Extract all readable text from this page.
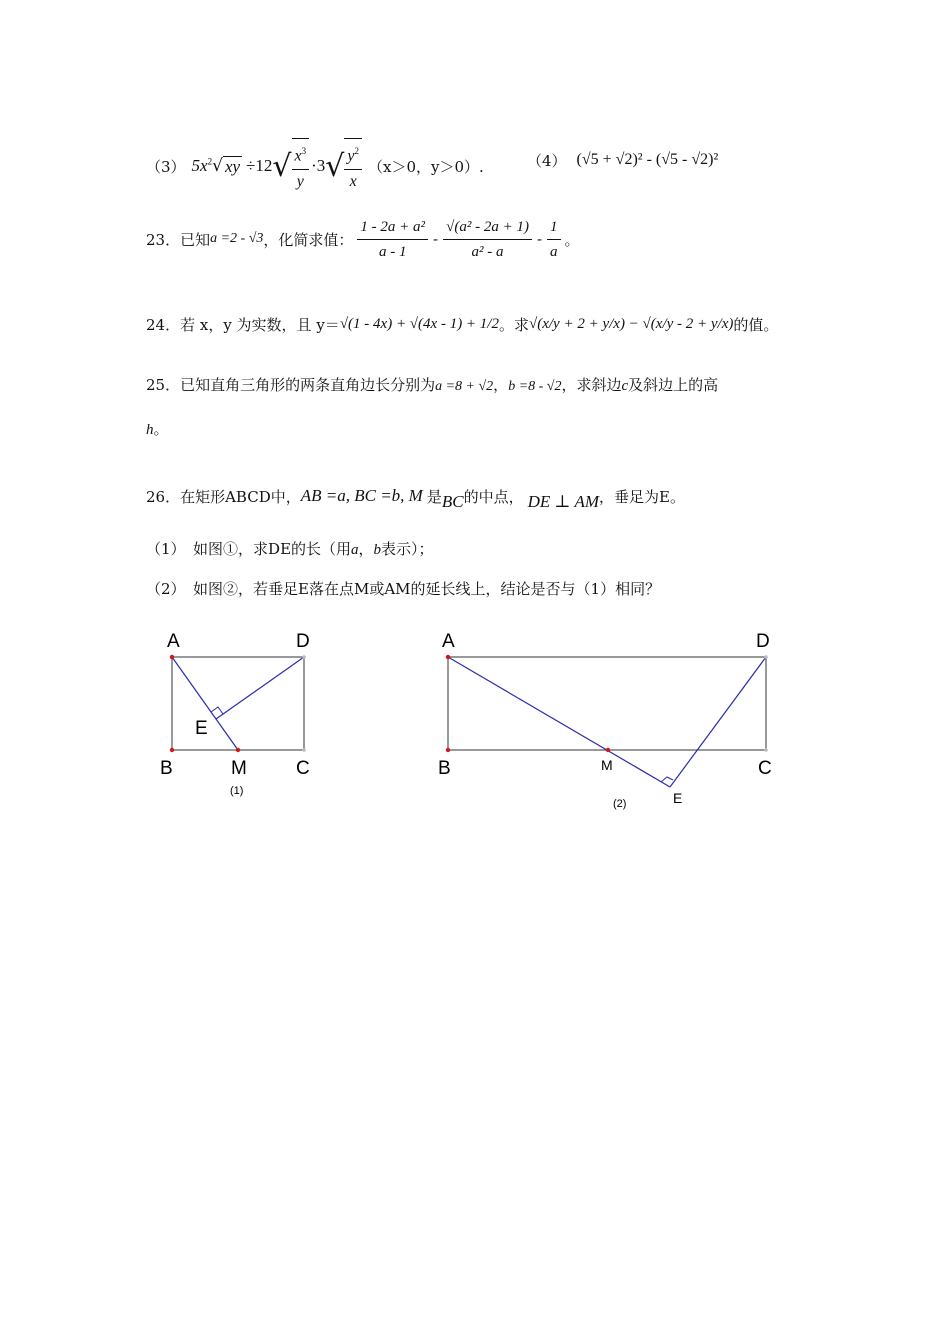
（3） $5x^2$ √ xy ÷12 √ $\frac{x^3}{y} \cdot 3$ √ $\frac{y^2}{x} (x>0$，y＞0）.	（4） (√5 + √2)² - (√5 - √2)²
23．已知 a =2 - √3 ，化简求值： $\frac{\text{1 - 2a + a²}}{a - 1} - \frac{\text{√(a² - 2a + 1)}}{\text{a² - a}} - \frac{1}{a}$ 。
24．若 x，y 为实数，且 y＝ √(1 - 4x) + √(4x - 1) + 1/2 。求 √(x/y + 2 + y/x) − √(x/y - 2 + y/x) 的值。
25．已知直角三角形的两条直角边长分别为a =8 + √2，b =8 - √2，求斜边c及斜边上的高
h。
26．在矩形ABCD中， AB =a, BC =b, M 是 BC 的中点， DE ⊥ AM ，垂足为E。
（1）　如图①，求DE的长（用a，b表示）；
（2）　如图②，若垂足E落在点M或AM的延长线上，结论是否与（1）相同？
A	D
B	M	C
E
(1)
A	D
B	M	C
E
(2)
